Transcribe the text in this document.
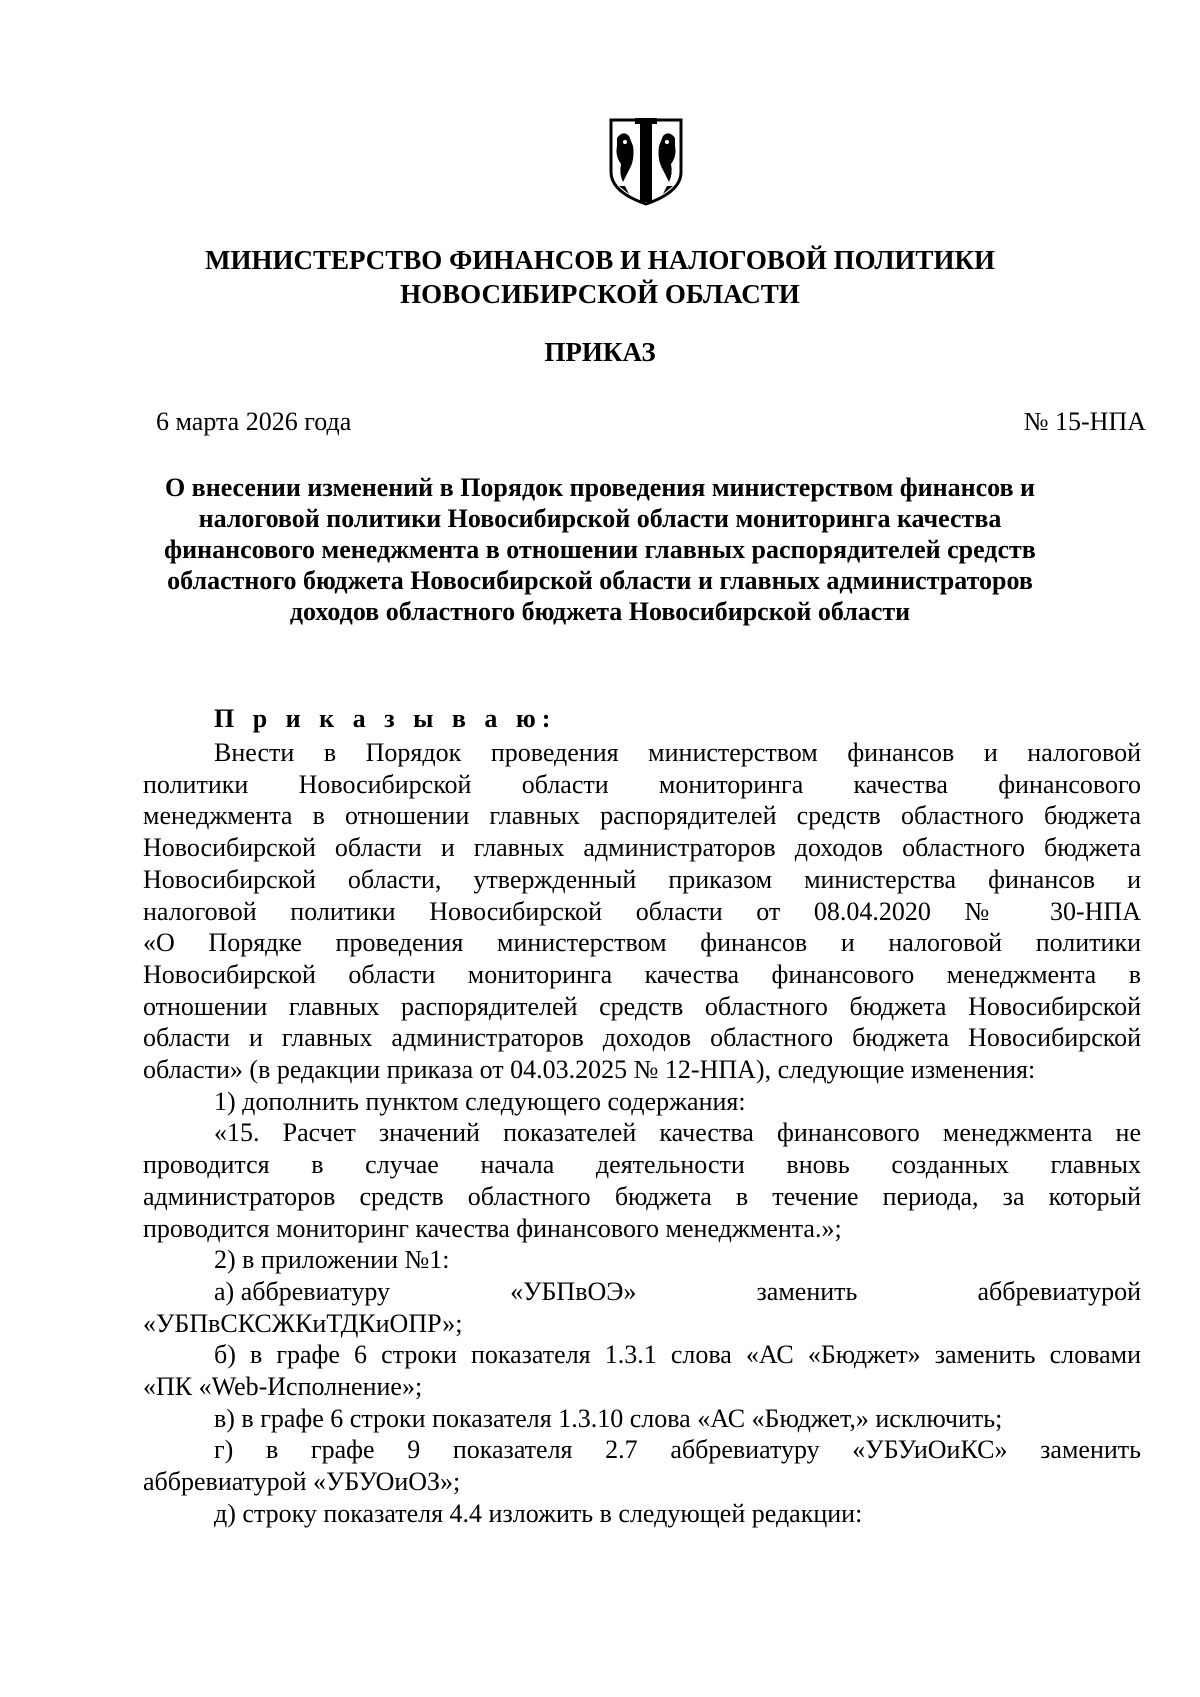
МИНИСТЕРСТВО ФИНАНСОВ И НАЛОГОВОЙ ПОЛИТИКИ
НОВОСИБИРСКОЙ ОБЛАСТИ
ПРИКАЗ
6 марта 2026 года	№ 15-НПА
О внесении изменений в Порядок проведения министерством финансов и
налоговой политики Новосибирской области мониторинга качества
финансового менеджмента в отношении главных распорядителей средств
областного бюджета Новосибирской области и главных администраторов
доходов областного бюджета Новосибирской области
П р и к а з ы в а ю:
Внести в Порядок проведения министерством финансов и налоговой
политики Новосибирской области мониторинга качества финансового
менеджмента в отношении главных распорядителей средств областного бюджета
Новосибирской области и главных администраторов доходов областного бюджета
Новосибирской области, утвержденный приказом министерства финансов и
налоговой политики Новосибирской области от 08.04.2020 № 30-НПА
«О Порядке проведения министерством финансов и налоговой политики
Новосибирской области мониторинга качества финансового менеджмента в
отношении главных распорядителей средств областного бюджета Новосибирской
области и главных администраторов доходов областного бюджета Новосибирской
области» (в редакции приказа от 04.03.2025 № 12-НПА), следующие изменения:
1) дополнить пунктом следующего содержания:
«15. Расчет значений показателей качества финансового менеджмента не
проводится в случае начала деятельности вновь созданных главных
администраторов средств областного бюджета в течение периода, за который
проводится мониторинг качества финансового менеджмента.»;
2) в приложении №1:
а) аббревиатуру	«УБПвОЭ»	заменить	аббревиатурой
«УБПвСКСЖКиТДКиОПР»;
б) в графе 6 строки показателя 1.3.1 слова «АС «Бюджет» заменить словами
«ПК «Web-Исполнение»;
в) в графе 6 строки показателя 1.3.10 слова «АС «Бюджет,» исключить;
г) в графе 9 показателя 2.7 аббревиатуру «УБУиОиКС» заменить
аббревиатурой «УБУОиОЗ»;
д) строку показателя 4.4 изложить в следующей редакции:
